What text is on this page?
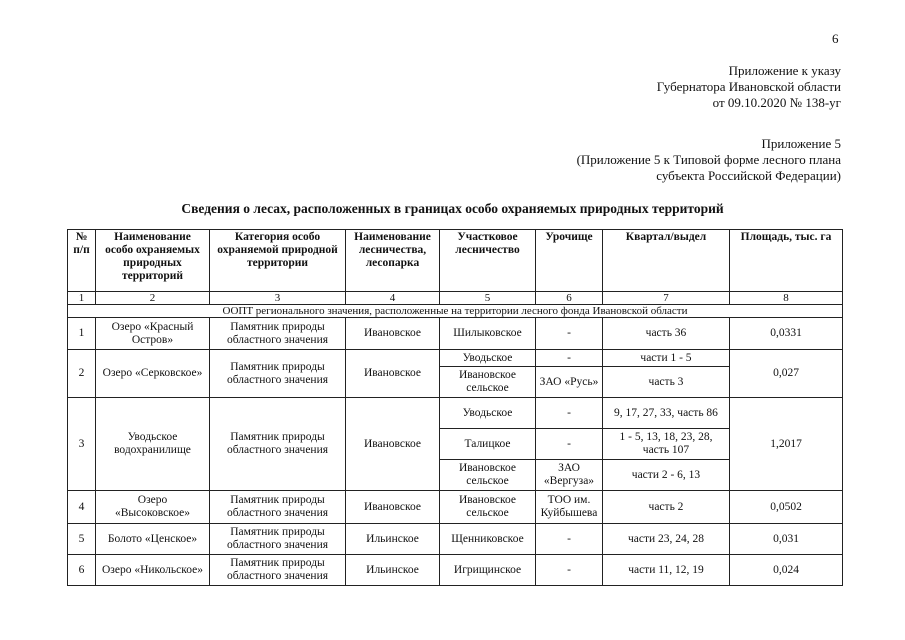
6
Приложение к указу
Губернатора Ивановской области
от 09.10.2020 № 138-уг
Приложение 5
(Приложение 5 к Типовой форме лесного плана
субъекта Российской Федерации)
Сведения о лесах, расположенных в границах особо охраняемых природных территорий
№ п/п	Наименование особо охраняемых природных территорий	Категория особо охраняемой природной территории	Наименование лесничества, лесопарка	Участковое лесничество	Урочище	Квартал/выдел	Площадь, тыс. га
1	2	3	4	5	6	7	8
ООПТ регионального значения, расположенные на территории лесного фонда Ивановской области							
1	Озеро «Красный Остров»	Памятник природы областного значения	Ивановское	Шилыковское	-	часть 36	0,0331
2	Озеро «Серковское»	Памятник природы областного значения	Ивановское	Уводьское	-	части 1 - 5	0,027
				Ивановское сельское	ЗАО «Русь»	часть 3	
3	Уводьское водохранилище	Памятник природы областного значения	Ивановское	Уводьское	-	9, 17, 27, 33, часть 86	1,2017
				Талицкое	-	1 - 5, 13, 18, 23, 28, часть 107	
				Ивановское сельское	ЗАО «Вергуза»	части 2 - 6, 13	
4	Озеро «Высоковское»	Памятник природы областного значения	Ивановское	Ивановское сельское	ТОО им. Куйбышева	часть 2	0,0502
5	Болото «Ценское»	Памятник природы областного значения	Ильинское	Щенниковское	-	части 23, 24, 28	0,031
6	Озеро «Никольское»	Памятник природы областного значения	Ильинское	Игрищинское	-	части 11, 12, 19	0,024
